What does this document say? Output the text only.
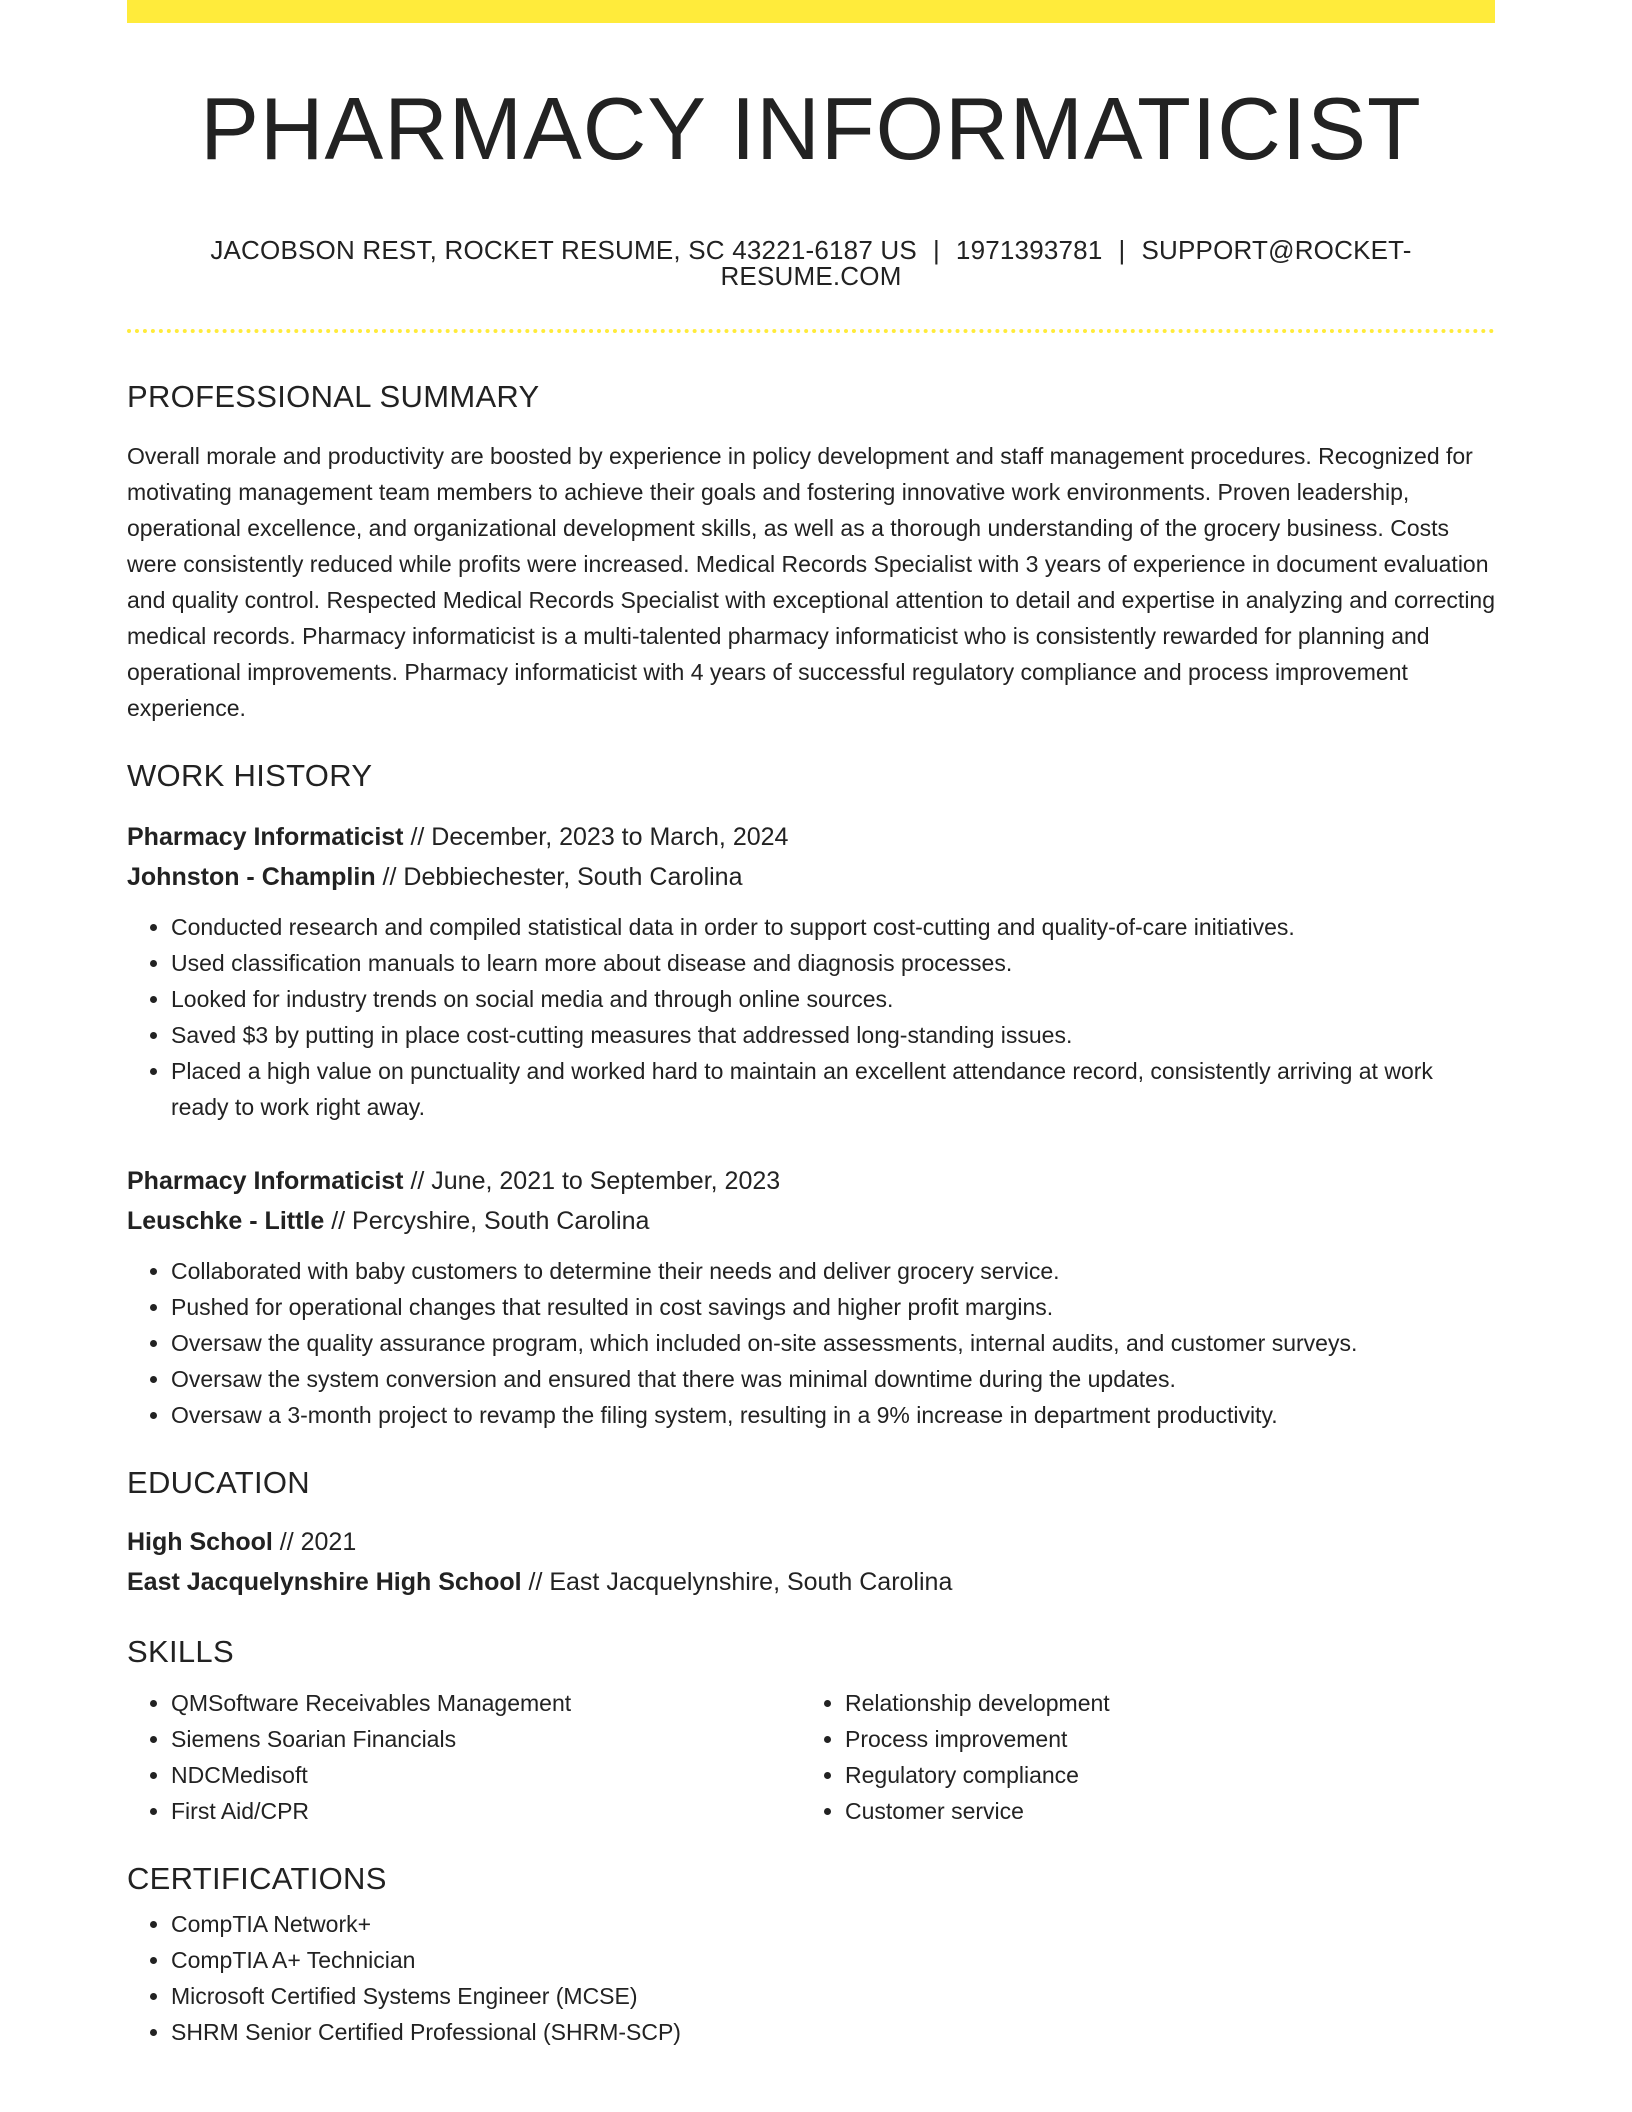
PHARMACY INFORMATICIST
JACOBSON REST, ROCKET RESUME, SC 43221-6187 US | 1971393781 | SUPPORT@ROCKET-RESUME.COM
PROFESSIONAL SUMMARY
Overall morale and productivity are boosted by experience in policy development and staff management procedures. Recognized for motivating management team members to achieve their goals and fostering innovative work environments. Proven leadership, operational excellence, and organizational development skills, as well as a thorough understanding of the grocery business. Costs were consistently reduced while profits were increased. Medical Records Specialist with 3 years of experience in document evaluation and quality control. Respected Medical Records Specialist with exceptional attention to detail and expertise in analyzing and correcting medical records. Pharmacy informaticist is a multi-talented pharmacy informaticist who is consistently rewarded for planning and operational improvements. Pharmacy informaticist with 4 years of successful regulatory compliance and process improvement experience.
WORK HISTORY
Pharmacy Informaticist // December, 2023 to March, 2024
Johnston - Champlin // Debbiechester, South Carolina
• Conducted research and compiled statistical data in order to support cost-cutting and quality-of-care initiatives.
• Used classification manuals to learn more about disease and diagnosis processes.
• Looked for industry trends on social media and through online sources.
• Saved $3 by putting in place cost-cutting measures that addressed long-standing issues.
• Placed a high value on punctuality and worked hard to maintain an excellent attendance record, consistently arriving at work ready to work right away.
Pharmacy Informaticist // June, 2021 to September, 2023
Leuschke - Little // Percyshire, South Carolina
• Collaborated with baby customers to determine their needs and deliver grocery service.
• Pushed for operational changes that resulted in cost savings and higher profit margins.
• Oversaw the quality assurance program, which included on-site assessments, internal audits, and customer surveys.
• Oversaw the system conversion and ensured that there was minimal downtime during the updates.
• Oversaw a 3-month project to revamp the filing system, resulting in a 9% increase in department productivity.
EDUCATION
High School // 2021
East Jacquelynshire High School // East Jacquelynshire, South Carolina
SKILLS
• QMSoftware Receivables Management
• Siemens Soarian Financials
• NDCMedisoft
• First Aid/CPR
• Relationship development
• Process improvement
• Regulatory compliance
• Customer service
CERTIFICATIONS
• CompTIA Network+
• CompTIA A+ Technician
• Microsoft Certified Systems Engineer (MCSE)
• SHRM Senior Certified Professional (SHRM-SCP)
